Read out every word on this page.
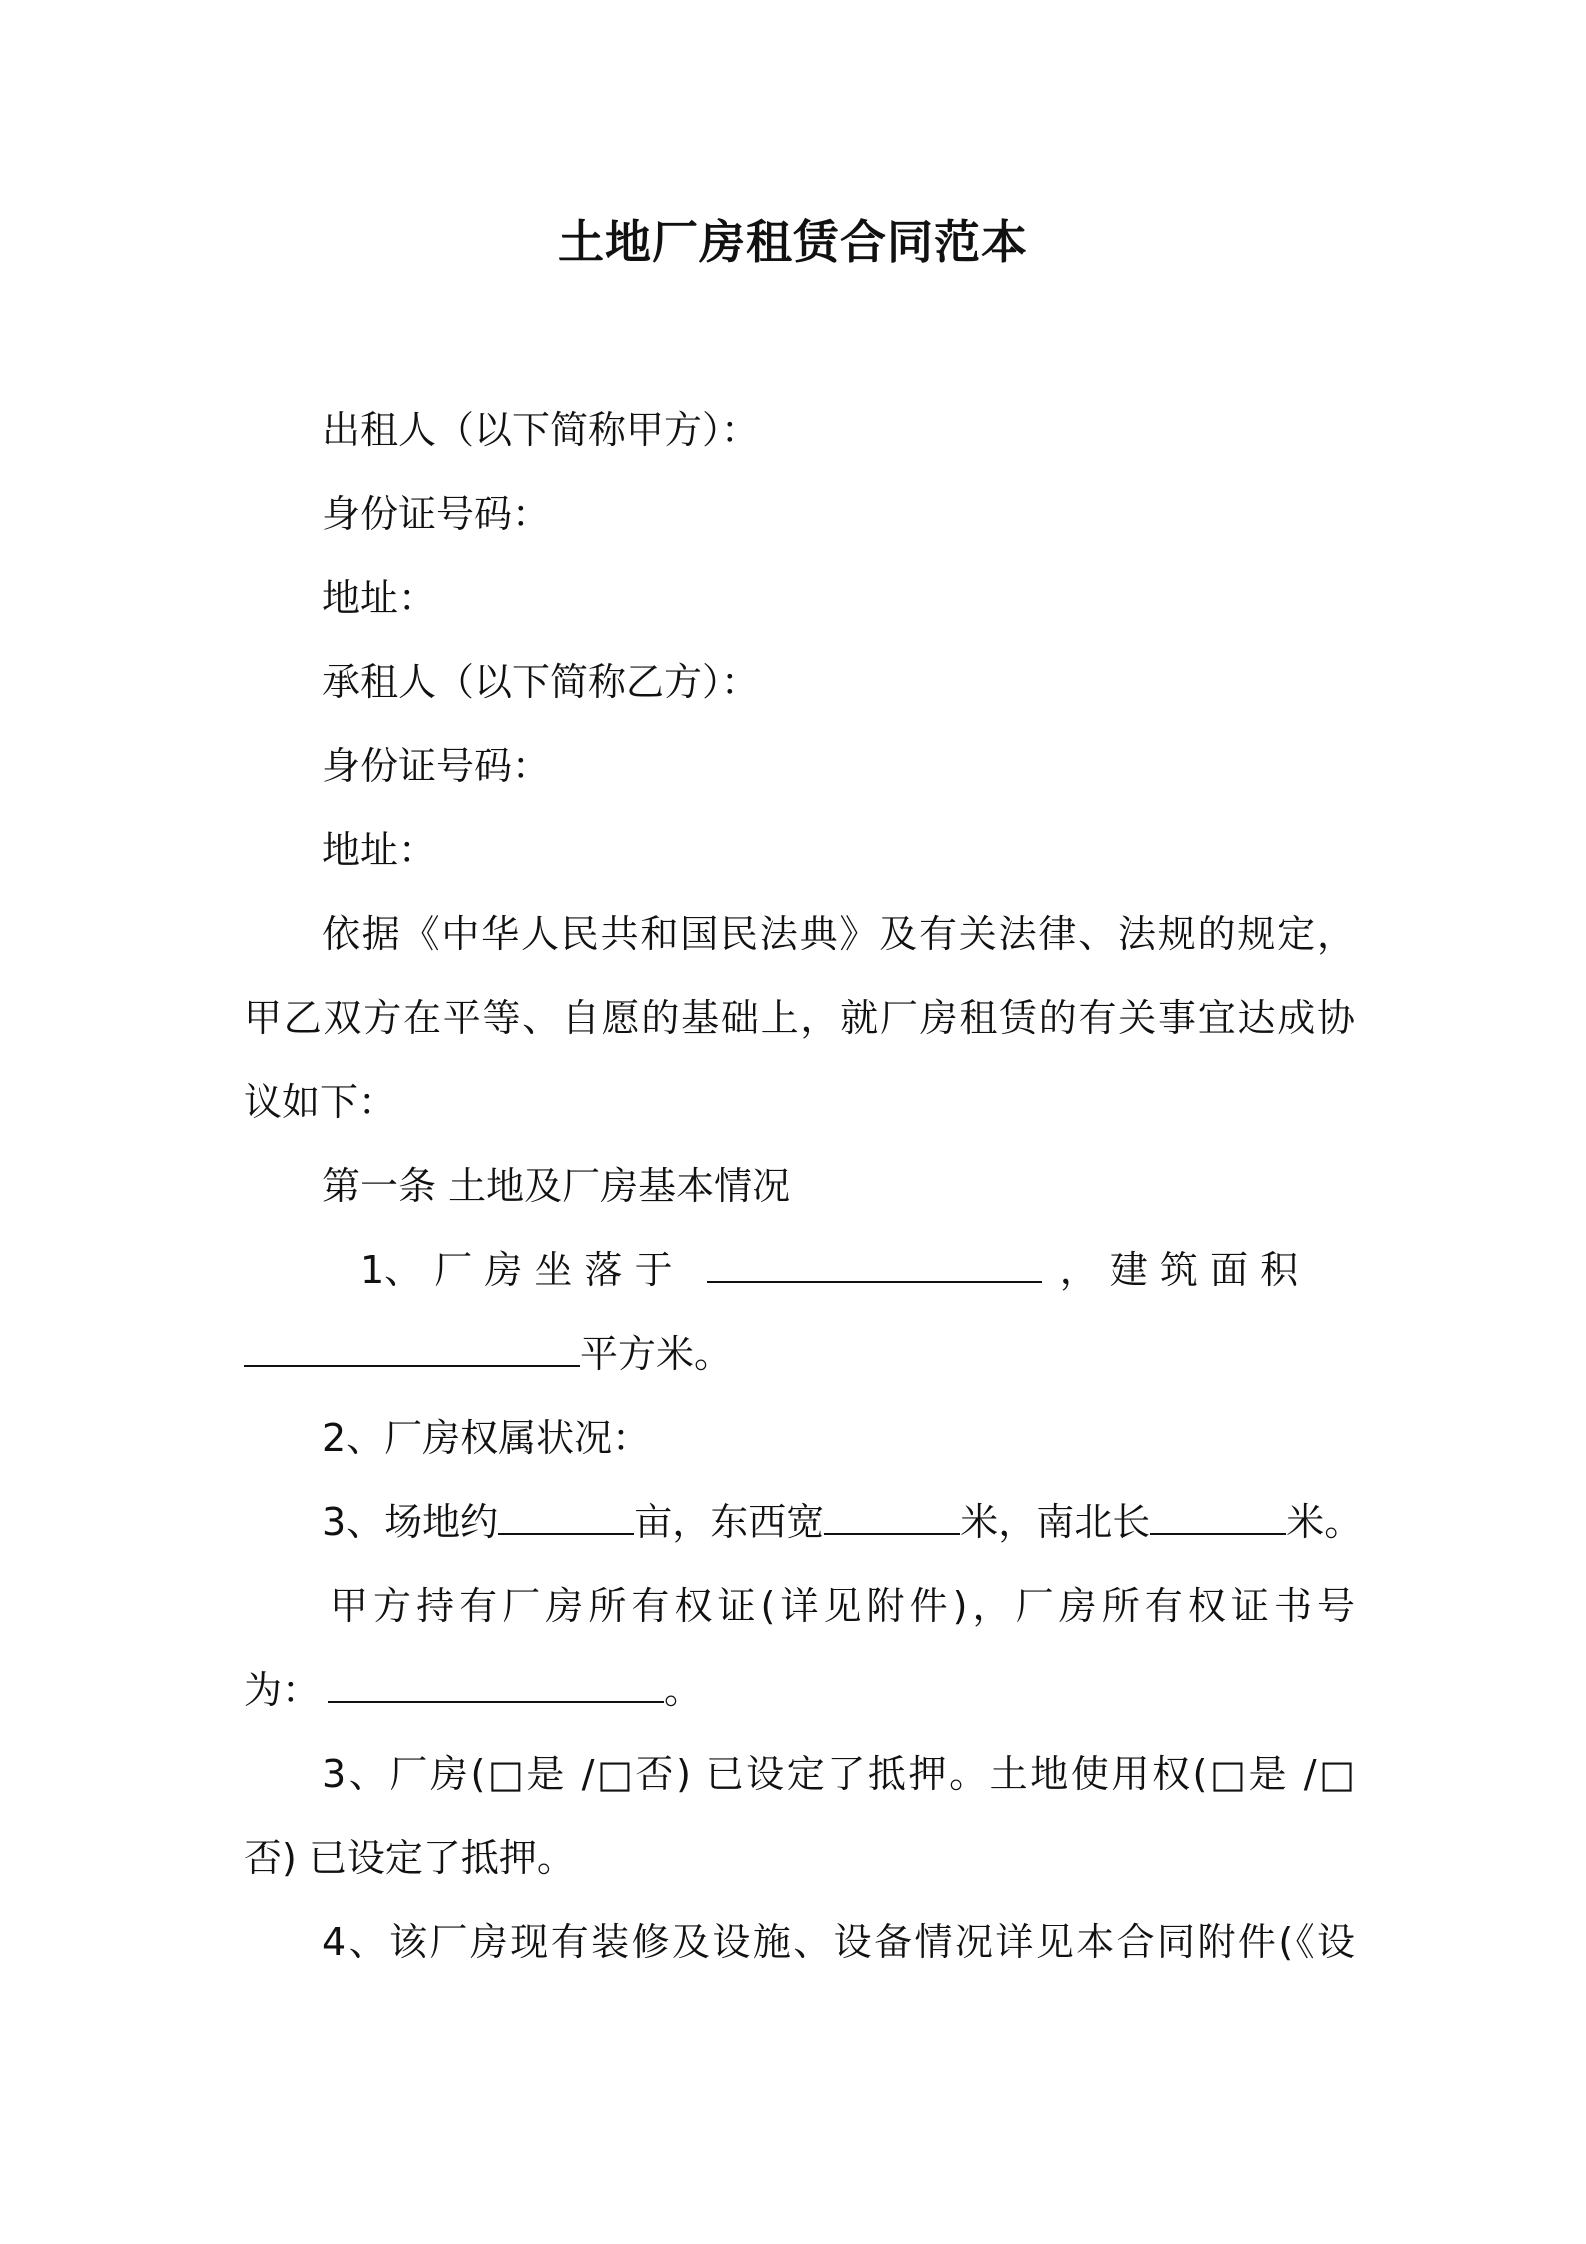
土地厂房租赁合同范本
出租人（以下简称甲方）：
身份证号码：
地址：
承租人（以下简称乙方）：
身份证号码：
地址：
依据《中华人民共和国民法典》及有关法律、法规的规定，
甲乙双方在平等、自愿的基础上，就厂房租赁的有关事宜达成协
议如下：
第一条 土地及厂房基本情况
1、 厂 房 坐 落 于	， 建 筑 面 积
平方米。
2、厂房权属状况：
3、场地约	亩，东西宽	米，南北长	米。
甲方持有厂房所有权证(详见附件)，厂房所有权证书号
为：	。
3、厂房(□是 /□否) 已设定了抵押。土地使用权(□是 /□
否) 已设定了抵押。
4、该厂房现有装修及设施、设备情况详见本合同附件(《设
